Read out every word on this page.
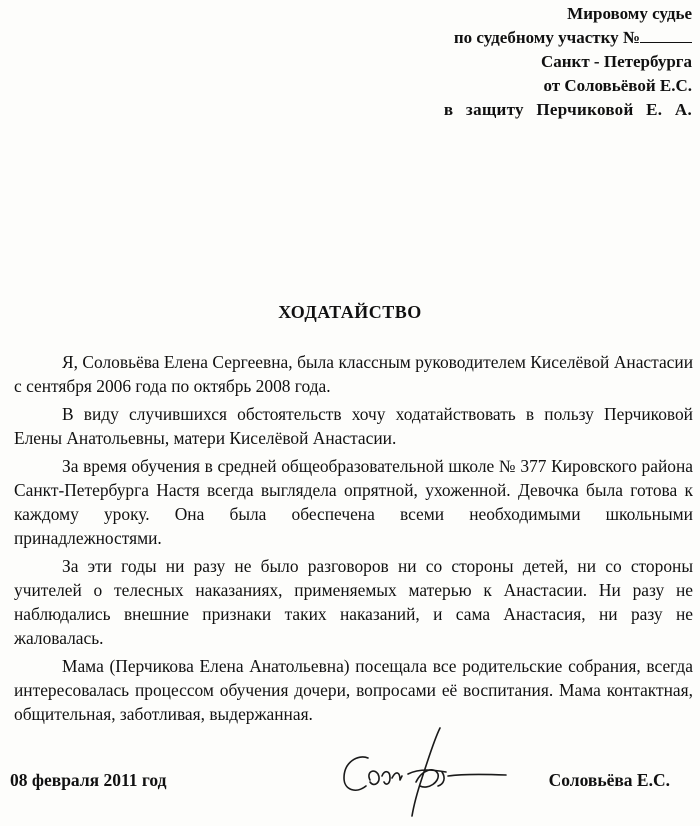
Мировому судье
по судебному участку №
Санкт - Петербурга
от Соловьёвой Е.С.
в защиту Перчиковой Е. А.
ХОДАТАЙСТВО

Я, Соловьёва Елена Сергеевна, была классным руководителем Киселёвой Анастасии с сентября 2006 года по октябрь 2008 года.

В виду случившихся обстоятельств хочу ходатайствовать в пользу Перчиковой Елены Анатольевны, матери Киселёвой Анастасии.

За время обучения в средней общеобразовательной школе № 377 Кировского района Санкт-Петербурга Настя всегда выглядела опрятной, ухоженной. Девочка была готова к каждому уроку. Она была обеспечена всеми необходимыми школьными принадлежностями.

За эти годы ни разу не было разговоров ни со стороны детей, ни со стороны учителей о телесных наказаниях, применяемых матерью к Анастасии. Ни разу не наблюдались внешние признаки таких наказаний, и сама Анастасия, ни разу не жаловалась.

Мама (Перчикова Елена Анатольевна) посещала все родительские собрания, всегда интересовалась процессом обучения дочери, вопросами её воспитания. Мама контактная, общительная, заботливая, выдержанная.

08 февраля 2011 год	Соловьёва Е.С.
